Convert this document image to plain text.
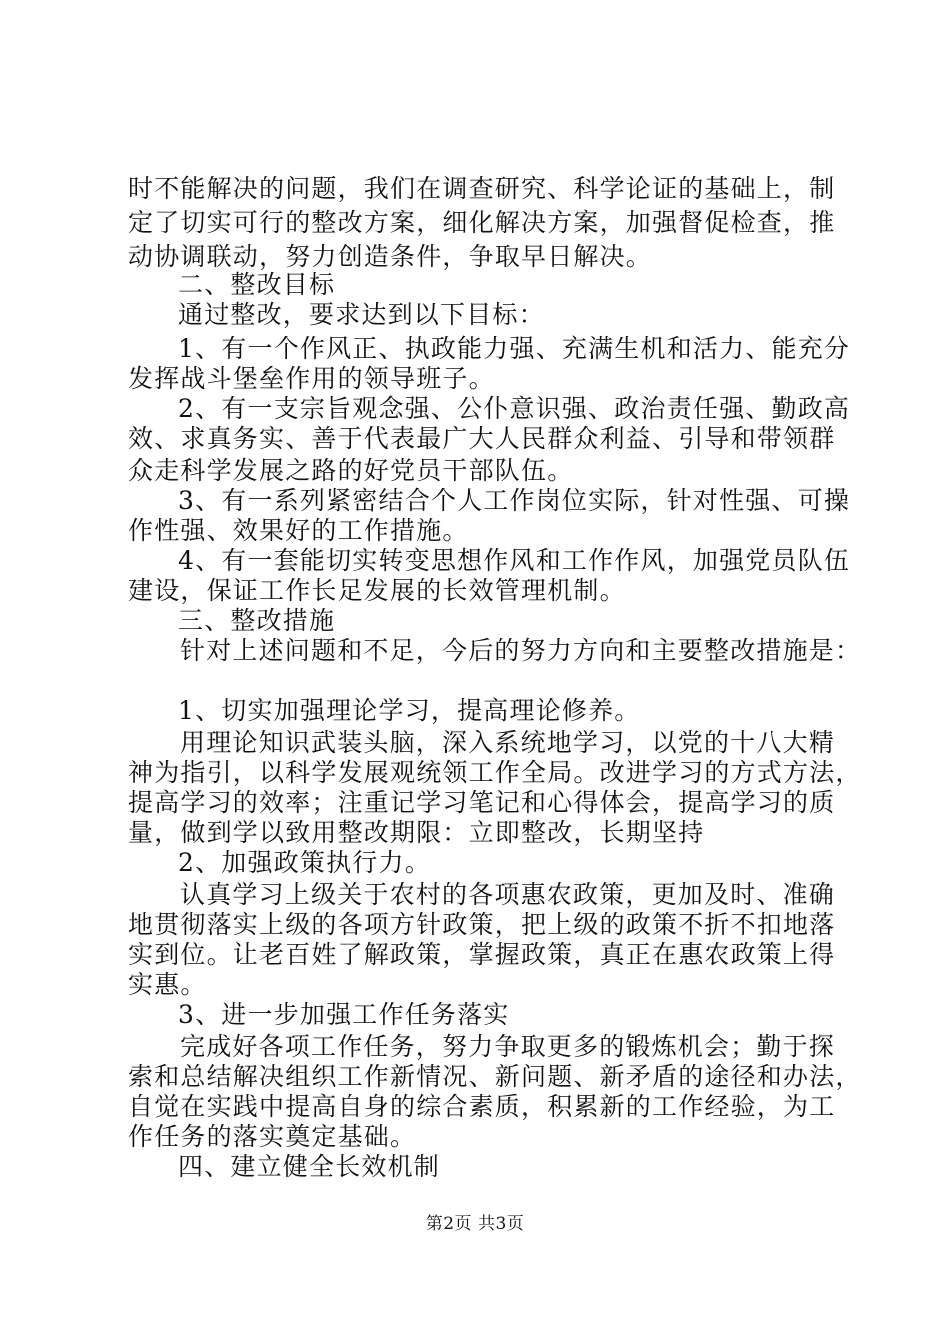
时不能解决的问题，我们在调查研究、科学论证的基础上，制

定了切实可行的整改方案，细化解决方案，加强督促检查，推

动协调联动，努力创造条件，争取早日解决。

二、整改目标

通过整改，要求达到以下目标：

1、有一个作风正、执政能力强、充满生机和活力、能充分

发挥战斗堡垒作用的领导班子。

2、有一支宗旨观念强、公仆意识强、政治责任强、勤政高

效、求真务实、善于代表最广大人民群众利益、引导和带领群

众走科学发展之路的好党员干部队伍。

3、有一系列紧密结合个人工作岗位实际，针对性强、可操

作性强、效果好的工作措施。

4、有一套能切实转变思想作风和工作作风，加强党员队伍

建设，保证工作长足发展的长效管理机制。

三、整改措施

针对上述问题和不足，今后的努力方向和主要整改措施是：

1、切实加强理论学习，提高理论修养。

用理论知识武装头脑，深入系统地学习，以党的十八大精

神为指引，以科学发展观统领工作全局。改进学习的方式方法，

提高学习的效率；注重记学习笔记和心得体会，提高学习的质

量，做到学以致用整改期限：立即整改，长期坚持

2、加强政策执行力。

认真学习上级关于农村的各项惠农政策，更加及时、准确

地贯彻落实上级的各项方针政策，把上级的政策不折不扣地落

实到位。让老百姓了解政策，掌握政策，真正在惠农政策上得

实惠。

3、进一步加强工作任务落实

完成好各项工作任务，努力争取更多的锻炼机会；勤于探

索和总结解决组织工作新情况、新问题、新矛盾的途径和办法，

自觉在实践中提高自身的综合素质，积累新的工作经验，为工

作任务的落实奠定基础。

四、建立健全长效机制

第2页 共3页
